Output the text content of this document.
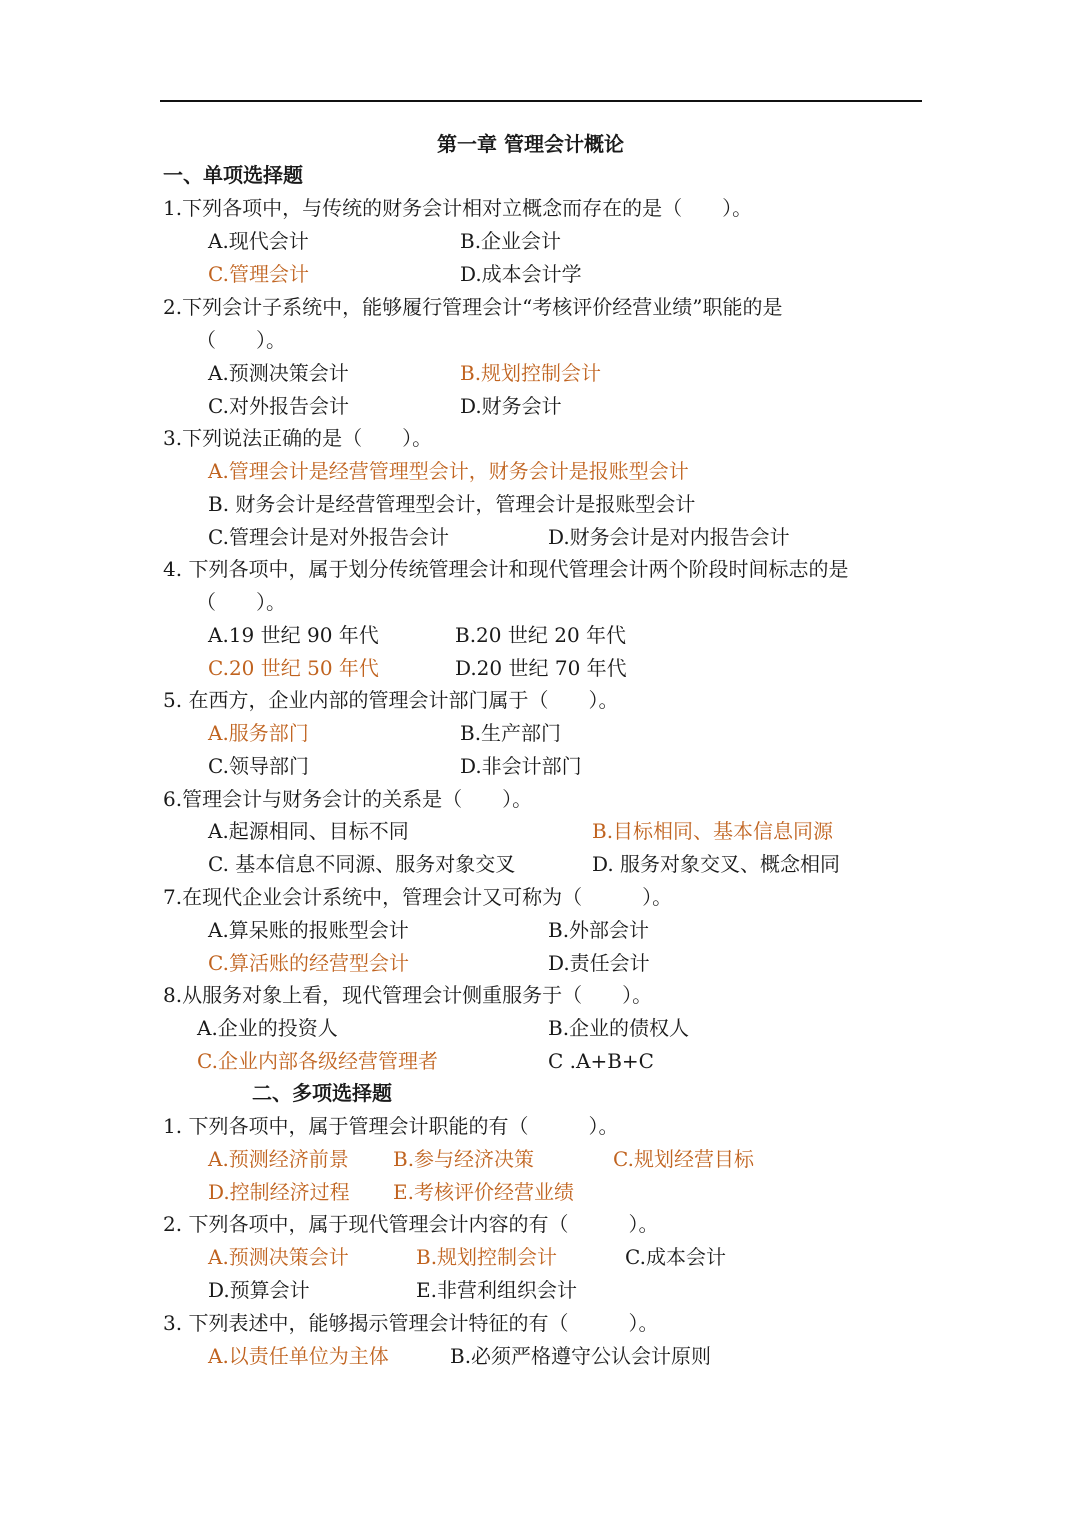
第一章 管理会计概论
一、单项选择题
1.下列各项中，与传统的财务会计相对立概念而存在的是（　　）。
A.现代会计	B.企业会计
C.管理会计	D.成本会计学
2.下列会计子系统中，能够履行管理会计“考核评价经营业绩”职能的是
（　　）。
A.预测决策会计	B.规划控制会计
C.对外报告会计	D.财务会计
3.下列说法正确的是（　　）。
A.管理会计是经营管理型会计，财务会计是报账型会计
B. 财务会计是经营管理型会计，管理会计是报账型会计
C.管理会计是对外报告会计	D.财务会计是对内报告会计
4. 下列各项中，属于划分传统管理会计和现代管理会计两个阶段时间标志的是
（　　）。
A.19 世纪 90 年代	B.20 世纪 20 年代
C.20 世纪 50 年代	D.20 世纪 70 年代
5. 在西方，企业内部的管理会计部门属于（　　）。
A.服务部门	B.生产部门
C.领导部门	D.非会计部门
6.管理会计与财务会计的关系是（　　）。
A.起源相同、目标不同	B.目标相同、基本信息同源
C. 基本信息不同源、服务对象交叉	D. 服务对象交叉、概念相同
7.在现代企业会计系统中，管理会计又可称为（　　　）。
A.算呆账的报账型会计	B.外部会计
C.算活账的经营型会计	D.责任会计
8.从服务对象上看，现代管理会计侧重服务于（　　）。
A.企业的投资人	B.企业的债权人
C.企业内部各级经营管理者	C .A+B+C
二、多项选择题
1. 下列各项中，属于管理会计职能的有（　　　）。
A.预测经济前景 B.参与经济决策	C.规划经营目标
D.控制经济过程 E.考核评价经营业绩
2. 下列各项中，属于现代管理会计内容的有（　　　）。
A.预测决策会计	B.规划控制会计	C.成本会计
D.预算会计	E.非营利组织会计
3. 下列表述中，能够揭示管理会计特征的有（　　　）。
A.以责任单位为主体	B.必须严格遵守公认会计原则
